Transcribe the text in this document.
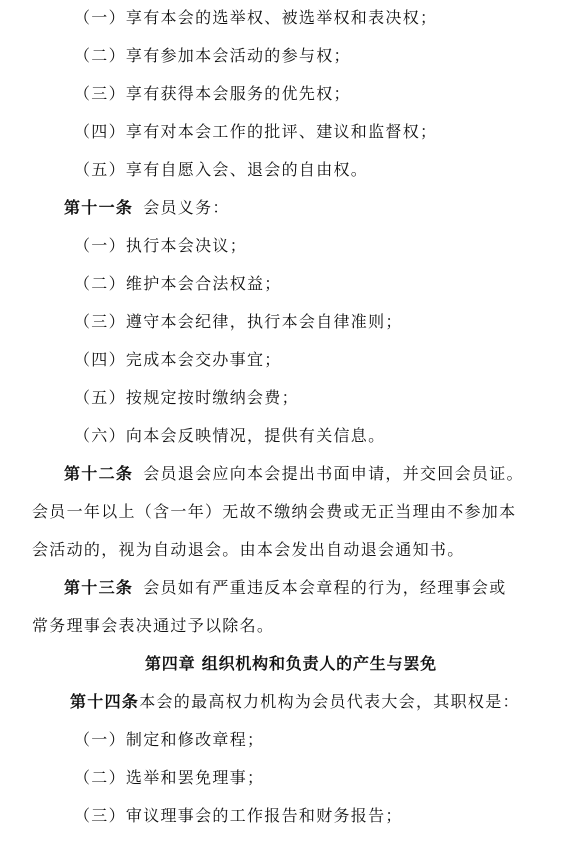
（一）享有本会的选举权、被选举权和表决权；
（二）享有参加本会活动的参与权；
（三）享有获得本会服务的优先权；
（四）享有对本会工作的批评、建议和监督权；
（五）享有自愿入会、退会的自由权。
第十一条 会员义务：
（一）执行本会决议；
（二）维护本会合法权益；
（三）遵守本会纪律，执行本会自律准则；
（四）完成本会交办事宜；
（五）按规定按时缴纳会费；
（六）向本会反映情况，提供有关信息。
第十二条 会员退会应向本会提出书面申请，并交回会员证。
会员一年以上（含一年）无故不缴纳会费或无正当理由不参加本
会活动的，视为自动退会。由本会发出自动退会通知书。
第十三条 会员如有严重违反本会章程的行为，经理事会或
常务理事会表决通过予以除名。
第四章 组织机构和负责人的产生与罢免
第十四条本会的最高权力机构为会员代表大会，其职权是：
（一）制定和修改章程；
（二）选举和罢免理事；
（三）审议理事会的工作报告和财务报告；
